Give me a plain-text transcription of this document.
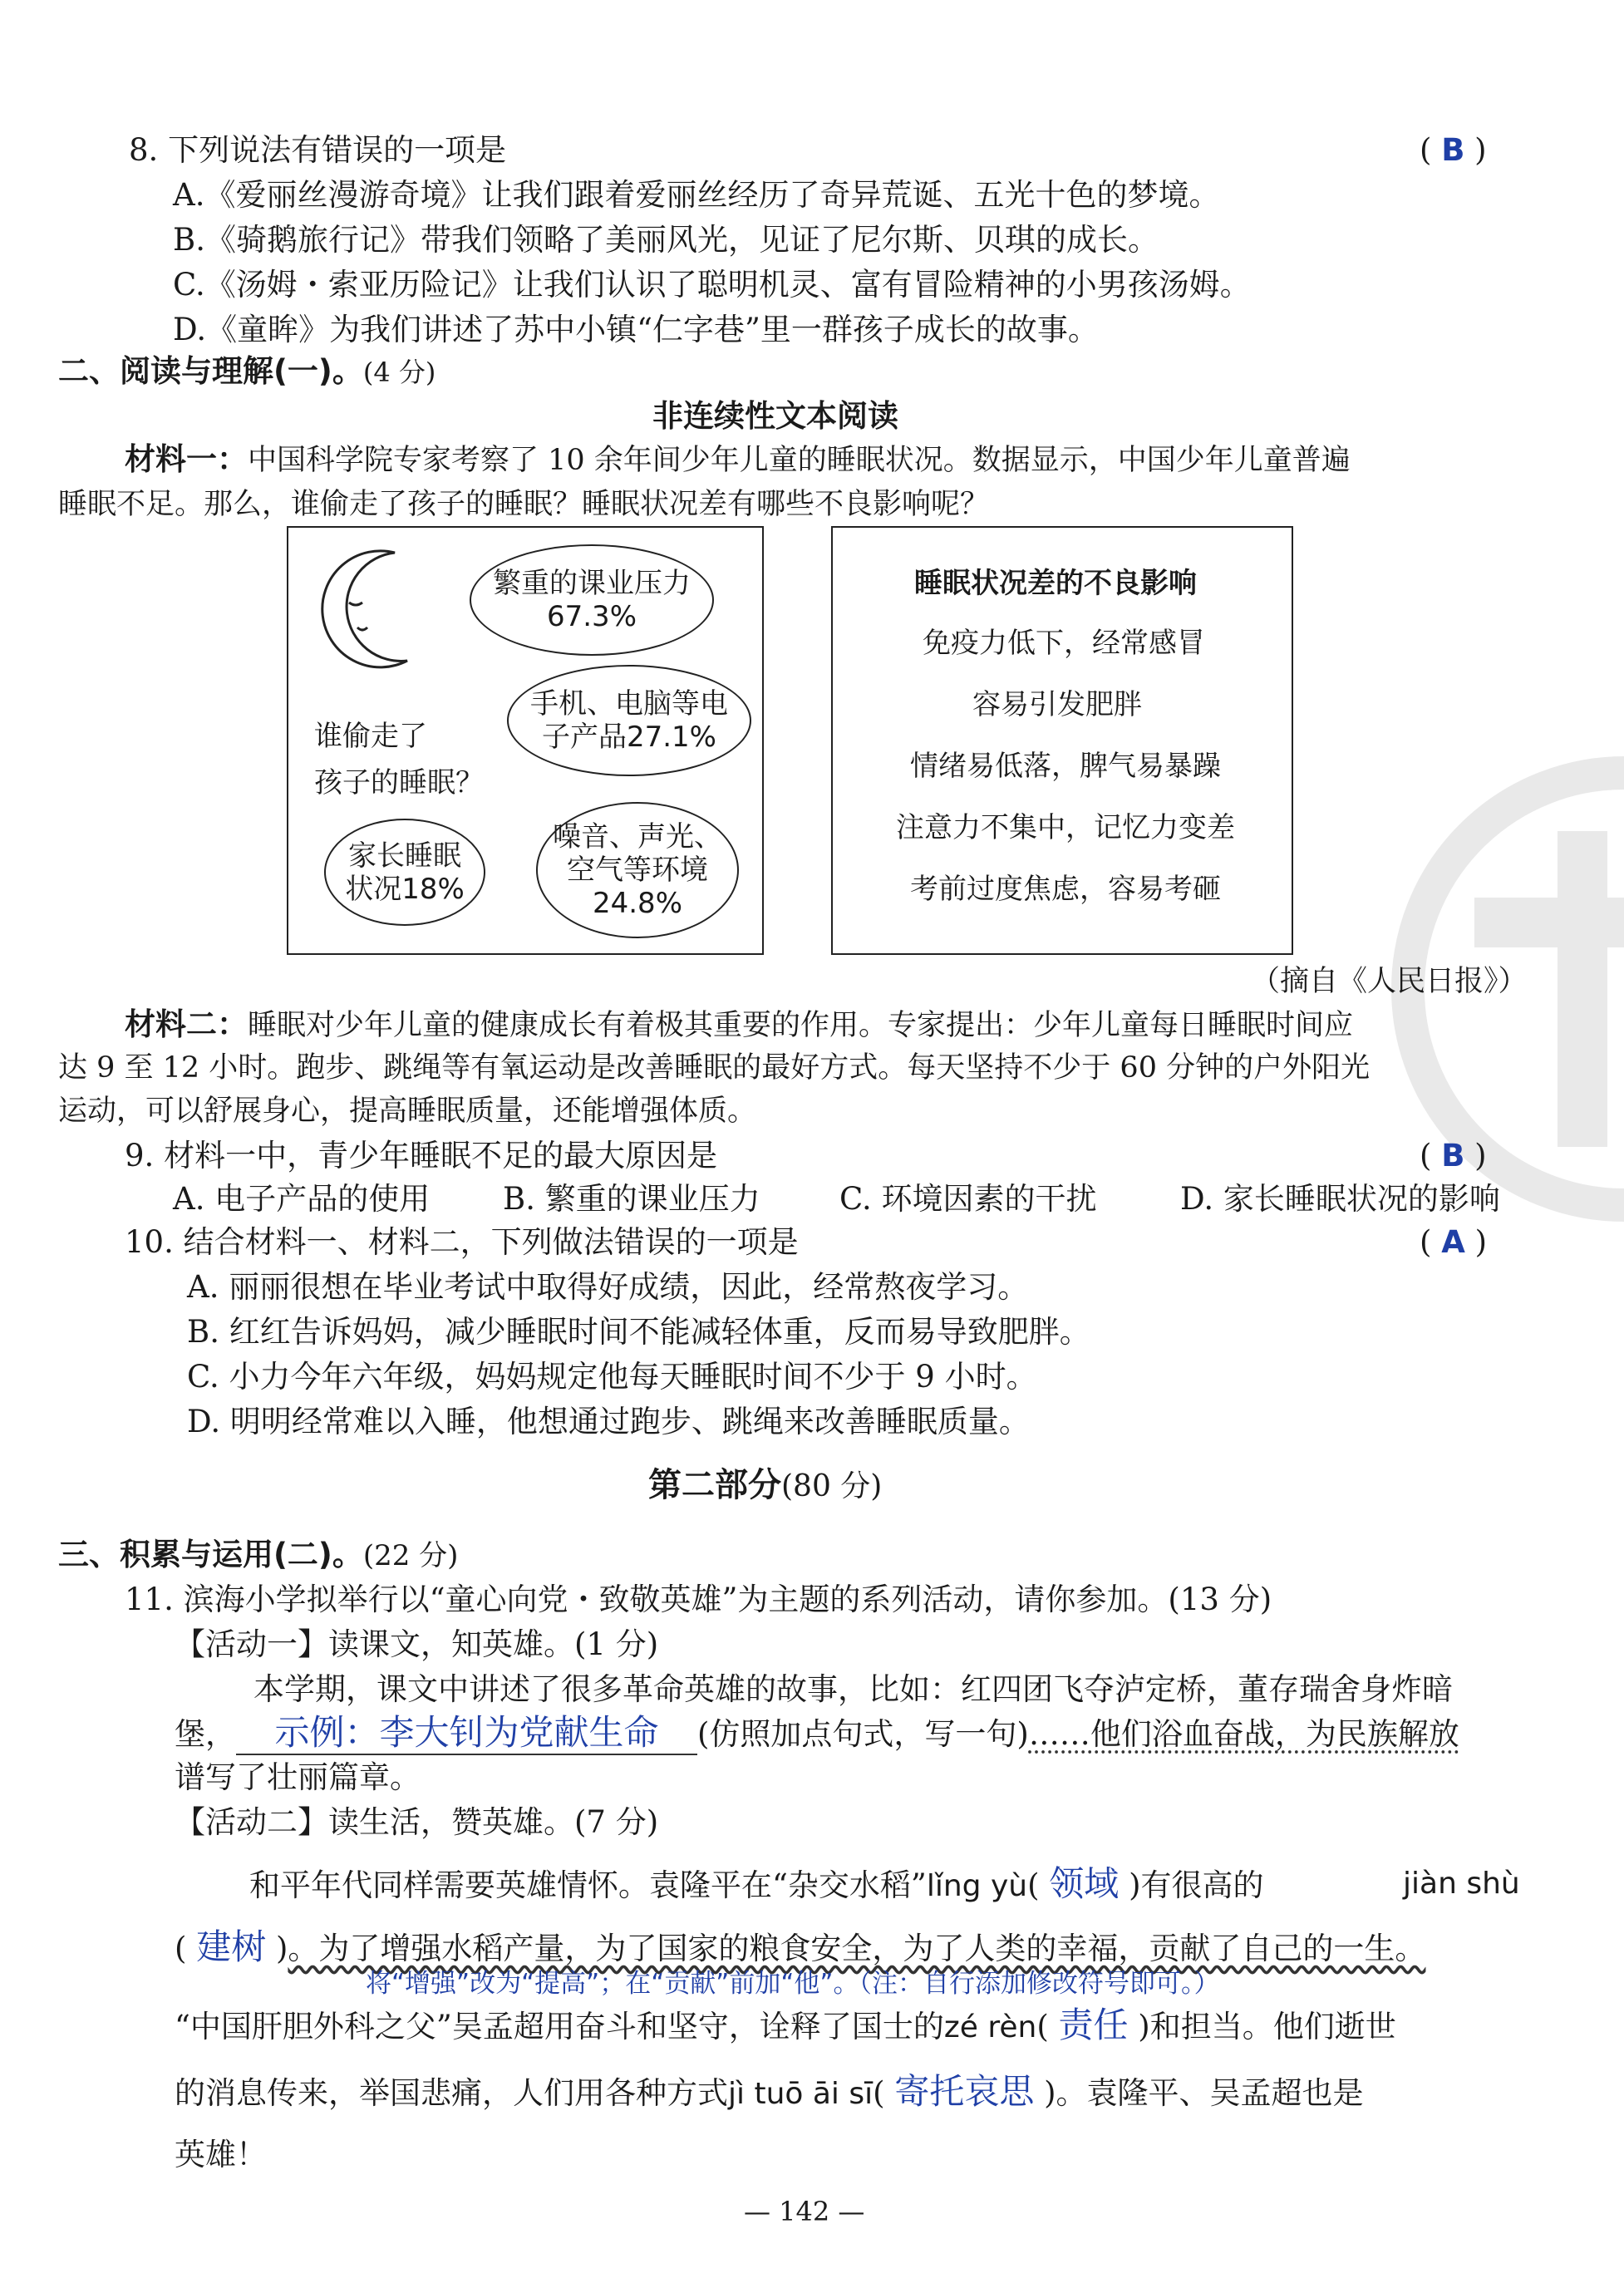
8. 下列说法有错误的一项是	( B )
A.《爱丽丝漫游奇境》让我们跟着爱丽丝经历了奇异荒诞、五光十色的梦境。
B.《骑鹅旅行记》带我们领略了美丽风光，见证了尼尔斯、贝琪的成长。
C.《汤姆・索亚历险记》让我们认识了聪明机灵、富有冒险精神的小男孩汤姆。
D.《童眸》为我们讲述了苏中小镇“仁字巷”里一群孩子成长的故事。
二、阅读与理解(一)。(4 分)
非连续性文本阅读
材料一：中国科学院专家考察了 10 余年间少年儿童的睡眠状况。数据显示，中国少年儿童普遍
睡眠不足。那么，谁偷走了孩子的睡眠？睡眠状况差有哪些不良影响呢？
繁重的课业压力
67.3%
手机、电脑等电
子产品27.1%
谁偷走了
孩子的睡眠？
家长睡眠
状况18%
噪音、声光、
空气等环境
24.8%
睡眠状况差的不良影响
免疫力低下，经常感冒
容易引发肥胖
情绪易低落，脾气易暴躁
注意力不集中，记忆力变差
考前过度焦虑，容易考砸
（摘自《人民日报》）
材料二：睡眠对少年儿童的健康成长有着极其重要的作用。专家提出：少年儿童每日睡眠时间应
达 9 至 12 小时。跑步、跳绳等有氧运动是改善睡眠的最好方式。每天坚持不少于 60 分钟的户外阳光
运动，可以舒展身心，提高睡眠质量，还能增强体质。
9. 材料一中，青少年睡眠不足的最大原因是	( B )
A. 电子产品的使用 B. 繁重的课业压力	C. 环境因素的干扰	D. 家长睡眠状况的影响
10. 结合材料一、材料二，下列做法错误的一项是	( A )
A. 丽丽很想在毕业考试中取得好成绩，因此，经常熬夜学习。
B. 红红告诉妈妈，减少睡眠时间不能减轻体重，反而易导致肥胖。
C. 小力今年六年级，妈妈规定他每天睡眠时间不少于 9 小时。
D. 明明经常难以入睡，他想通过跑步、跳绳来改善睡眠质量。
第二部分(80 分)
三、积累与运用(二)。(22 分)
11. 滨海小学拟举行以“童心向党・致敬英雄”为主题的系列活动，请你参加。(13 分)
【活动一】读课文，知英雄。(1 分)
本学期，课文中讲述了很多革命英雄的故事，比如：红四团飞夺泸定桥，董存瑞舍身炸暗
堡， 示例：李大钊为党献生命 (仿照加点句式，写一句)……他们浴血奋战，为民族解放
谱写了壮丽篇章。
【活动二】读生活，赞英雄。(7 分)
和平年代同样需要英雄情怀。袁隆平在“杂交水稻”lǐng yù( 领域 )有很高的	jiàn shù
( 建树 )。为了增强水稻产量，为了国家的粮食安全，为了人类的幸福，贡献了自己的一生。
将“增强”改为“提高”；在“贡献”前加“他”。（注：自行添加修改符号即可。）
“中国肝胆外科之父”吴孟超用奋斗和坚守，诠释了国士的zé rèn( 责任 )和担当。他们逝世
的消息传来，举国悲痛，人们用各种方式jì tuō āi sī( 寄托哀思 )。袁隆平、吴孟超也是
英雄！
— 142 —
